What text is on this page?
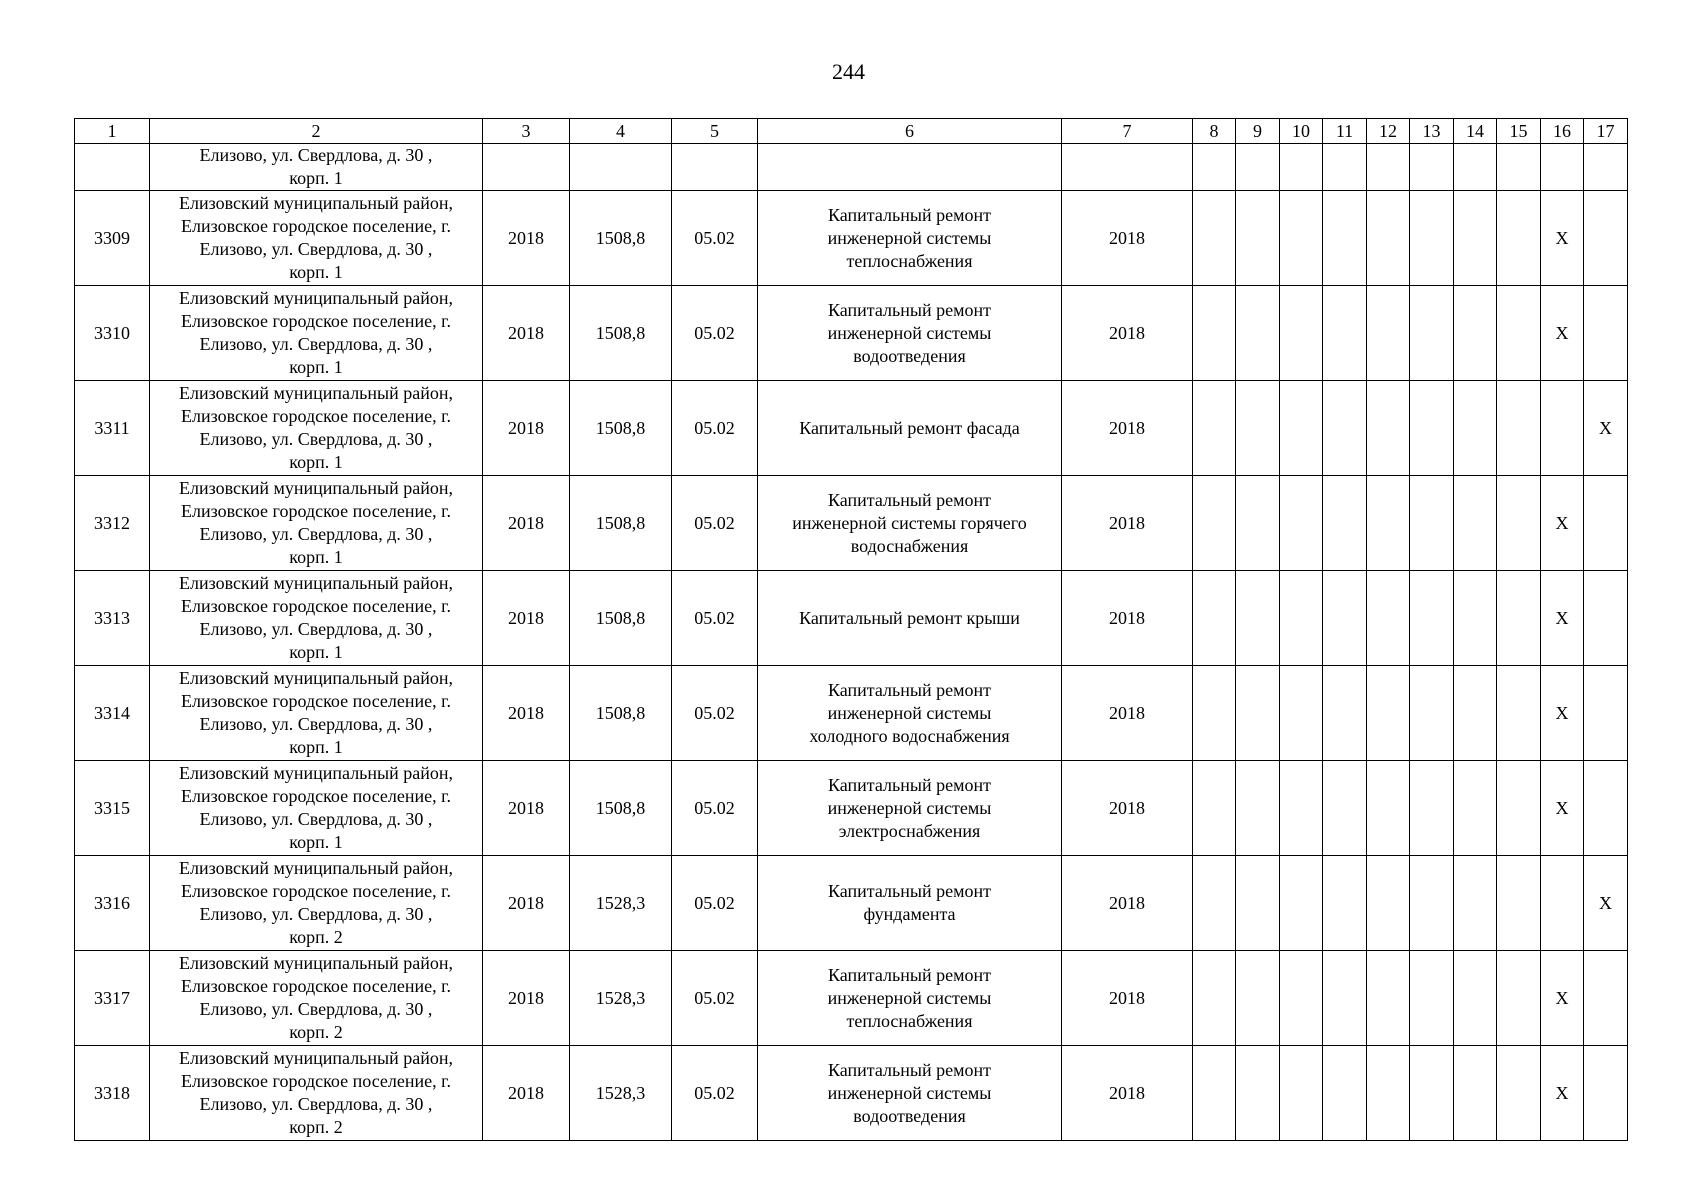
244
1	2	3	4	5	6	7	8	9	10	11	12	13	14	15	16	17
	Елизово, ул. Свердлова, д. 30 ,
корп. 1															
3309	Елизовский муниципальный район,
Елизовское городское поселение, г.
Елизово, ул. Свердлова, д. 30 ,
корп. 1	2018	1508,8	05.02	Капитальный ремонт
инженерной системы
теплоснабжения	2018									X	
3310	Елизовский муниципальный район,
Елизовское городское поселение, г.
Елизово, ул. Свердлова, д. 30 ,
корп. 1	2018	1508,8	05.02	Капитальный ремонт
инженерной системы
водоотведения	2018									X	
3311	Елизовский муниципальный район,
Елизовское городское поселение, г.
Елизово, ул. Свердлова, д. 30 ,
корп. 1	2018	1508,8	05.02	Капитальный ремонт фасада	2018										X
3312	Елизовский муниципальный район,
Елизовское городское поселение, г.
Елизово, ул. Свердлова, д. 30 ,
корп. 1	2018	1508,8	05.02	Капитальный ремонт
инженерной системы горячего
водоснабжения	2018									X	
3313	Елизовский муниципальный район,
Елизовское городское поселение, г.
Елизово, ул. Свердлова, д. 30 ,
корп. 1	2018	1508,8	05.02	Капитальный ремонт крыши	2018									X	
3314	Елизовский муниципальный район,
Елизовское городское поселение, г.
Елизово, ул. Свердлова, д. 30 ,
корп. 1	2018	1508,8	05.02	Капитальный ремонт
инженерной системы
холодного водоснабжения	2018									X	
3315	Елизовский муниципальный район,
Елизовское городское поселение, г.
Елизово, ул. Свердлова, д. 30 ,
корп. 1	2018	1508,8	05.02	Капитальный ремонт
инженерной системы
электроснабжения	2018									X	
3316	Елизовский муниципальный район,
Елизовское городское поселение, г.
Елизово, ул. Свердлова, д. 30 ,
корп. 2	2018	1528,3	05.02	Капитальный ремонт
фундамента	2018										X
3317	Елизовский муниципальный район,
Елизовское городское поселение, г.
Елизово, ул. Свердлова, д. 30 ,
корп. 2	2018	1528,3	05.02	Капитальный ремонт
инженерной системы
теплоснабжения	2018									X	
3318	Елизовский муниципальный район,
Елизовское городское поселение, г.
Елизово, ул. Свердлова, д. 30 ,
корп. 2	2018	1528,3	05.02	Капитальный ремонт
инженерной системы
водоотведения	2018									X	
